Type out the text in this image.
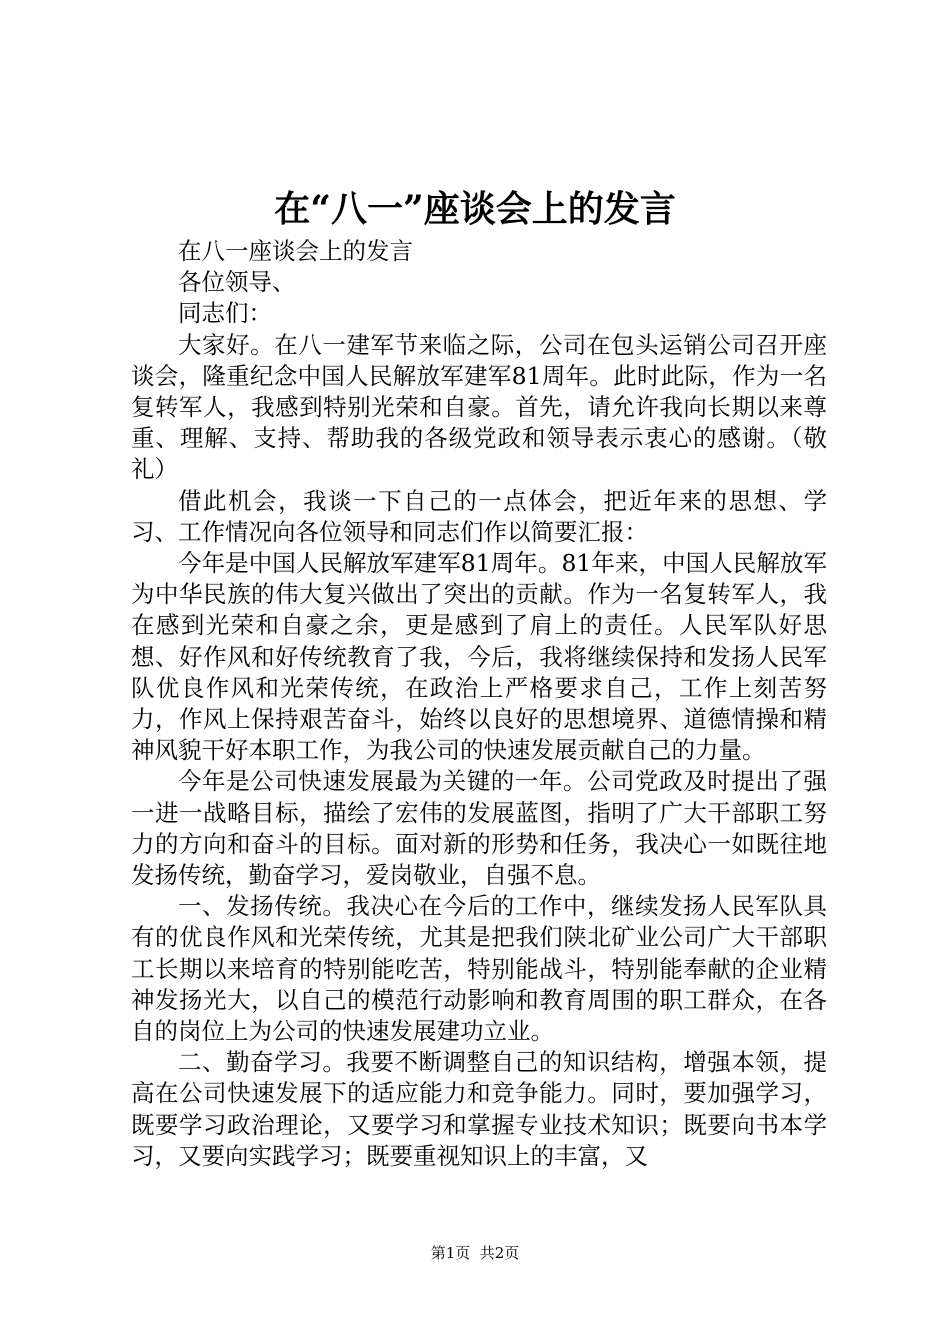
在“八一”座谈会上的发言

在八一座谈会上的发言

各位领导、

同志们：

大家好。在八一建军节来临之际，公司在包头运销公司召开座谈会，隆重纪念中国人民解放军建军81周年。此时此际，作为一名复转军人，我感到特别光荣和自豪。首先，请允许我向长期以来尊重、理解、支持、帮助我的各级党政和领导表示衷心的感谢。（敬礼）

借此机会，我谈一下自己的一点体会，把近年来的思想、学习、工作情况向各位领导和同志们作以简要汇报：

今年是中国人民解放军建军81周年。81年来，中国人民解放军为中华民族的伟大复兴做出了突出的贡献。作为一名复转军人，我在感到光荣和自豪之余，更是感到了肩上的责任。人民军队好思想、好作风和好传统教育了我，今后，我将继续保持和发扬人民军队优良作风和光荣传统，在政治上严格要求自己，工作上刻苦努力，作风上保持艰苦奋斗，始终以良好的思想境界、道德情操和精神风貌干好本职工作，为我公司的快速发展贡献自己的力量。

今年是公司快速发展最为关键的一年。公司党政及时提出了强一进一战略目标，描绘了宏伟的发展蓝图，指明了广大干部职工努力的方向和奋斗的目标。面对新的形势和任务，我决心一如既往地发扬传统，勤奋学习，爱岗敬业，自强不息。

一、发扬传统。我决心在今后的工作中，继续发扬人民军队具有的优良作风和光荣传统，尤其是把我们陕北矿业公司广大干部职工长期以来培育的特别能吃苦，特别能战斗，特别能奉献的企业精神发扬光大，以自己的模范行动影响和教育周围的职工群众，在各自的岗位上为公司的快速发展建功立业。

二、勤奋学习。我要不断调整自己的知识结构，增强本领，提高在公司快速发展下的适应能力和竞争能力。同时，要加强学习，既要学习政治理论，又要学习和掌握专业技术知识；既要向书本学习，又要向实践学习；既要重视知识上的丰富，又

第1页  共2页
